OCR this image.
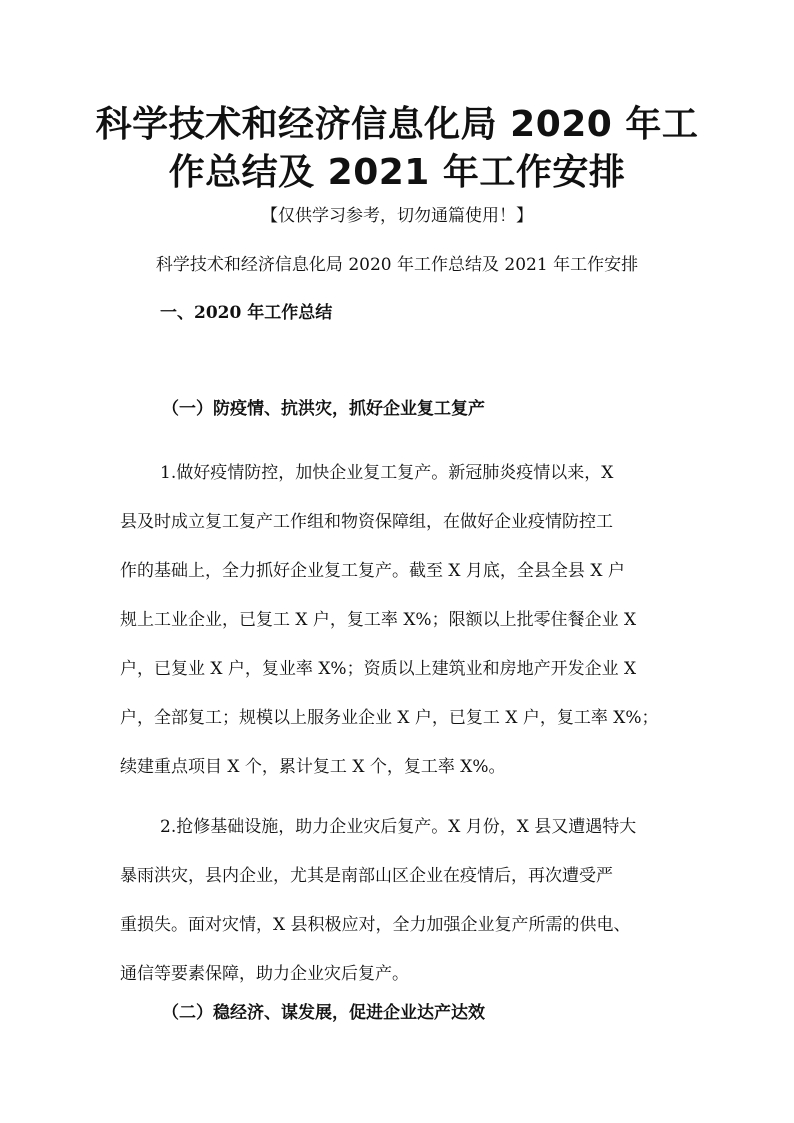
科学技术和经济信息化局 2020 年工
作总结及 2021 年工作安排
【仅供学习参考，切勿通篇使用！】
科学技术和经济信息化局 2020 年工作总结及 2021 年工作安排
一、2020 年工作总结
（一）防疫情、抗洪灾，抓好企业复工复产
1.做好疫情防控，加快企业复工复产。新冠肺炎疫情以来，X
县及时成立复工复产工作组和物资保障组，在做好企业疫情防控工
作的基础上，全力抓好企业复工复产。截至 X 月底，全县全县 X 户
规上工业企业，已复工 X 户，复工率 X%；限额以上批零住餐企业 X
户，已复业 X 户，复业率 X%；资质以上建筑业和房地产开发企业 X
户，全部复工；规模以上服务业企业 X 户，已复工 X 户，复工率 X%；
续建重点项目 X 个，累计复工 X 个，复工率 X%。
2.抢修基础设施，助力企业灾后复产。X 月份，X 县又遭遇特大
暴雨洪灾，县内企业，尤其是南部山区企业在疫情后，再次遭受严
重损失。面对灾情，X 县积极应对，全力加强企业复产所需的供电、
通信等要素保障，助力企业灾后复产。
（二）稳经济、谋发展，促进企业达产达效
